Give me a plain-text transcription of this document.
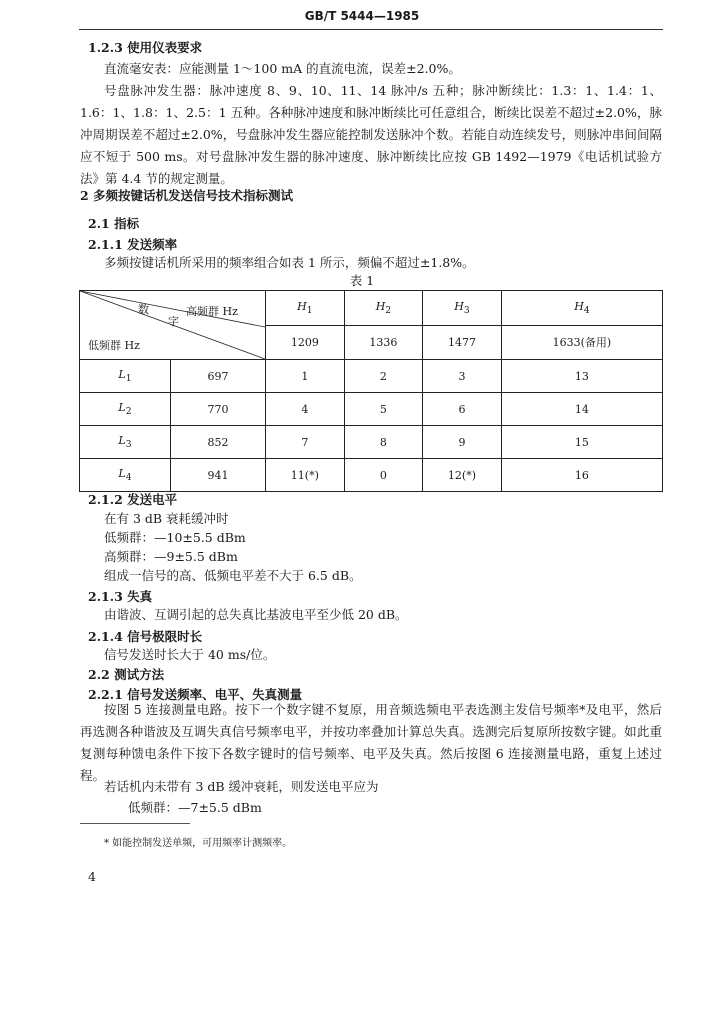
GB/T 5444—1985
1.2.3 使用仪表要求
直流毫安表：应能测量 1～100 mA 的直流电流，误差±2.0%。
号盘脉冲发生器：脉冲速度 8、9、10、11、14 脉冲/s 五种；脉冲断续比：1.3：1、1.4：1、1.6：1、1.8：1、2.5：1 五种。各种脉冲速度和脉冲断续比可任意组合，断续比误差不超过±2.0%，脉冲周期误差不超过±2.0%，号盘脉冲发生器应能控制发送脉冲个数。若能自动连续发号，则脉冲串间间隔应不短于 500 ms。对号盘脉冲发生器的脉冲速度、脉冲断续比应按 GB 1492—1979《电话机试验方法》第 4.4 节的规定测量。
2 多频按键话机发送信号技术指标测试
2.1 指标
2.1.1 发送频率
多频按键话机所采用的频率组合如表 1 所示，频偏不超过±1.8%。
表 1
数
字
高频群 Hz
低频群 Hz		$H_1$	$H_2$	$H_3$	$H_4$
		1209	1336	1477	1633(备用)
$L_1$	697	1	2	3	13
$L_2$	770	4	5	6	14
$L_3$	852	7	8	9	15
$L_4$	941	11(*)	0	12(*)	16
2.1.2 发送电平
在有 3 dB 衰耗缓冲时
低频群：—10±5.5 dBm
高频群：—9±5.5 dBm
组成一信号的高、低频电平差不大于 6.5 dB。
2.1.3 失真
由谐波、互调引起的总失真比基波电平至少低 20 dB。
2.1.4 信号极限时长
信号发送时长大于 40 ms/位。
2.2 测试方法
2.2.1 信号发送频率、电平、失真测量
按图 5 连接测量电路。按下一个数字键不复原，用音频选频电平表选测主发信号频率*及电平，然后再选测各种谐波及互调失真信号频率电平，并按功率叠加计算总失真。选测完后复原所按数字键。如此重复测每种馈电条件下按下各数字键时的信号频率、电平及失真。然后按图 6 连接测量电路，重复上述过程。
若话机内未带有 3 dB 缓冲衰耗，则发送电平应为
低频群：—7±5.5 dBm
* 如能控制发送单频，可用频率计测频率。
4
